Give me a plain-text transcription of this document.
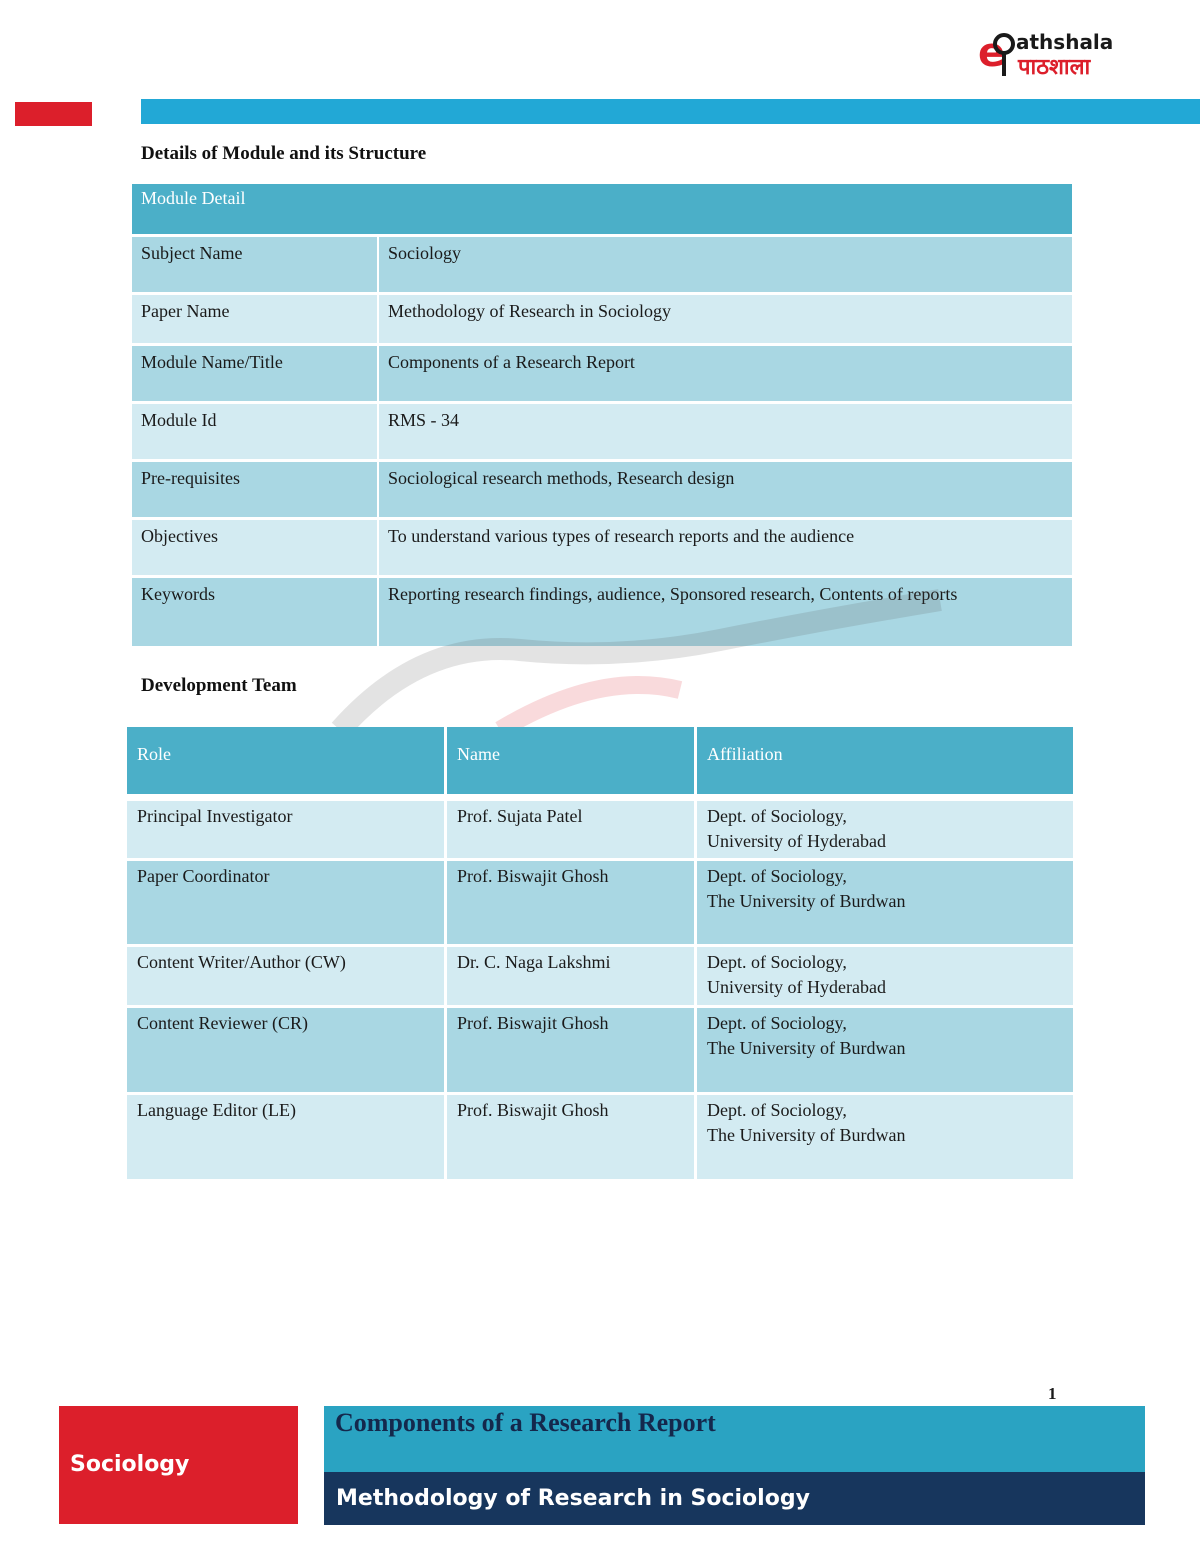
e athshala
पाठशाला
Details of Module and its Structure
Module Detail
Subject Name	Sociology
Paper Name	Methodology of Research in Sociology
Module Name/Title	Components of a Research Report
Module Id	RMS - 34
Pre-requisites	Sociological research methods, Research design
Objectives	To understand various types of research reports and the audience
Keywords	Reporting research findings, audience, Sponsored research, Contents of reports
Development Team
Role	Name	Affiliation
Principal Investigator	Prof. Sujata Patel	Dept. of Sociology,
University of Hyderabad
Paper Coordinator	Prof. Biswajit Ghosh	Dept. of Sociology,
The University of Burdwan
Content Writer/Author (CW)	Dr. C. Naga Lakshmi	Dept. of Sociology,
University of Hyderabad
Content Reviewer (CR)	Prof. Biswajit Ghosh	Dept. of Sociology,
The University of Burdwan
Language Editor (LE)	Prof. Biswajit Ghosh	Dept. of Sociology,
The University of Burdwan
1
Sociology
Components of a Research Report
Methodology of Research in Sociology
